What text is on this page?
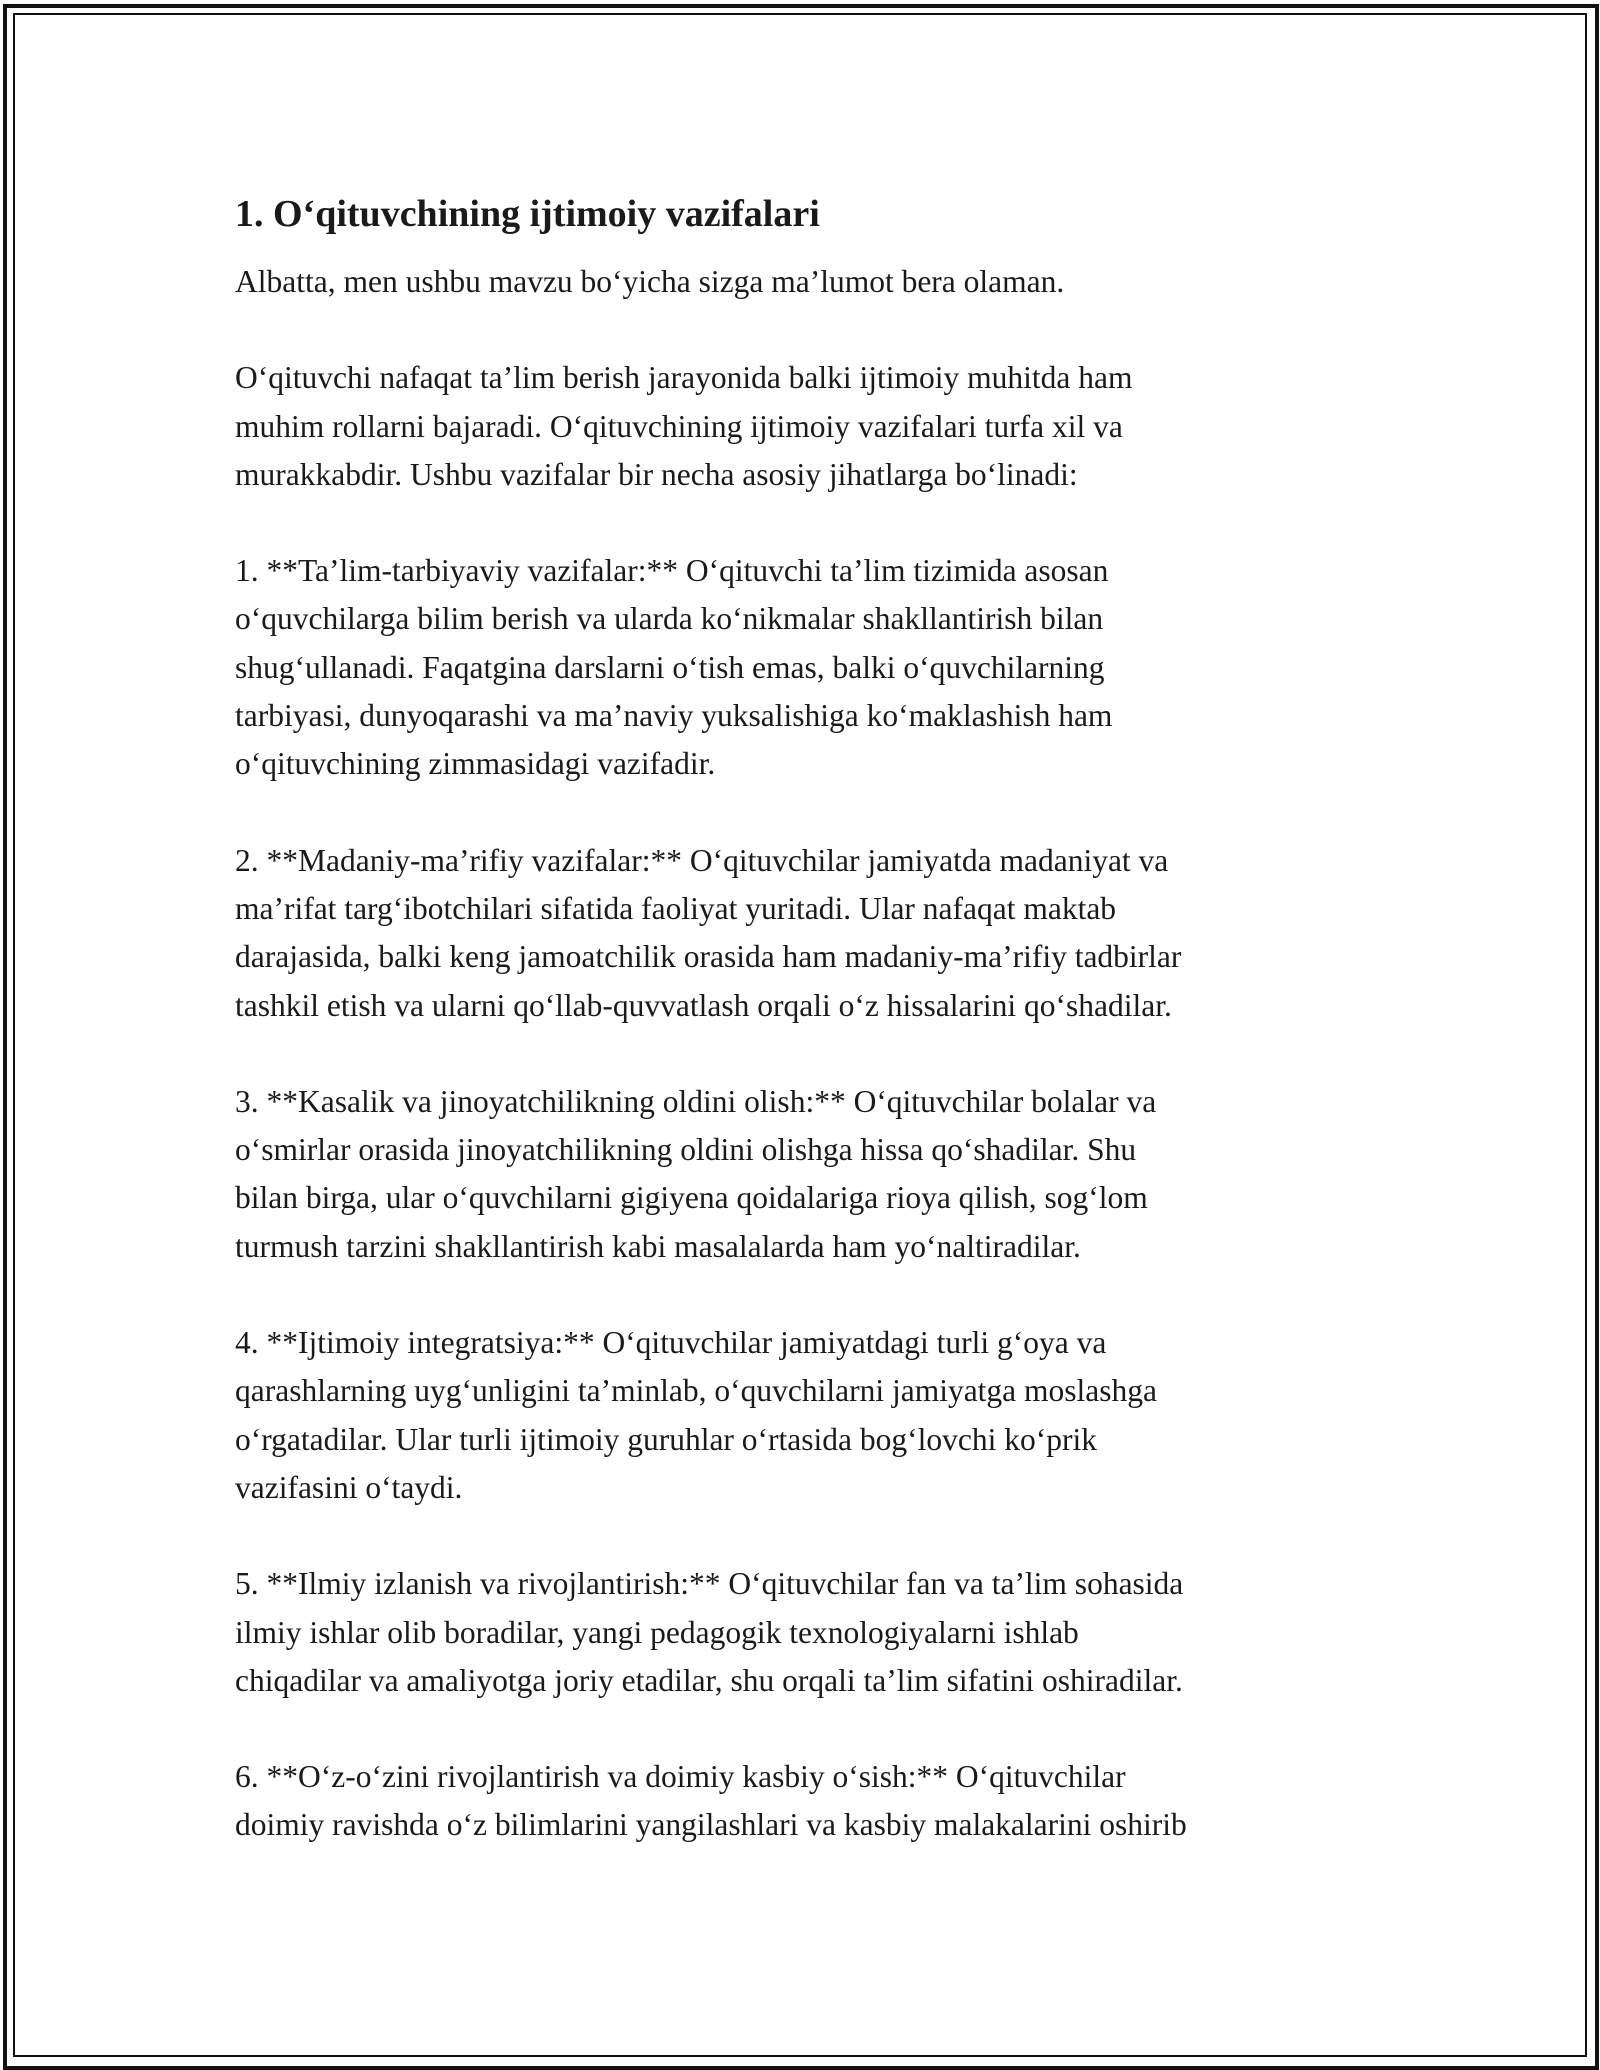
1. O‘qituvchining ijtimoiy vazifalari

Albatta, men ushbu mavzu bo‘yicha sizga ma’lumot bera olaman.

O‘qituvchi nafaqat ta’lim berish jarayonida balki ijtimoiy muhitda ham
muhim rollarni bajaradi. O‘qituvchining ijtimoiy vazifalari turfa xil va
murakkabdir. Ushbu vazifalar bir necha asosiy jihatlarga bo‘linadi:

1. **Ta’lim-tarbiyaviy vazifalar:** O‘qituvchi ta’lim tizimida asosan
o‘quvchilarga bilim berish va ularda ko‘nikmalar shakllantirish bilan
shug‘ullanadi. Faqatgina darslarni o‘tish emas, balki o‘quvchilarning
tarbiyasi, dunyoqarashi va ma’naviy yuksalishiga ko‘maklashish ham
o‘qituvchining zimmasidagi vazifadir.

2. **Madaniy-ma’rifiy vazifalar:** O‘qituvchilar jamiyatda madaniyat va
ma’rifat targ‘ibotchilari sifatida faoliyat yuritadi. Ular nafaqat maktab
darajasida, balki keng jamoatchilik orasida ham madaniy-ma’rifiy tadbirlar
tashkil etish va ularni qo‘llab-quvvatlash orqali o‘z hissalarini qo‘shadilar.

3. **Kasalik va jinoyatchilikning oldini olish:** O‘qituvchilar bolalar va
o‘smirlar orasida jinoyatchilikning oldini olishga hissa qo‘shadilar. Shu
bilan birga, ular o‘quvchilarni gigiyena qoidalariga rioya qilish, sog‘lom
turmush tarzini shakllantirish kabi masalalarda ham yo‘naltiradilar.

4. **Ijtimoiy integratsiya:** O‘qituvchilar jamiyatdagi turli g‘oya va
qarashlarning uyg‘unligini ta’minlab, o‘quvchilarni jamiyatga moslashga
o‘rgatadilar. Ular turli ijtimoiy guruhlar o‘rtasida bog‘lovchi ko‘prik
vazifasini o‘taydi.

5. **Ilmiy izlanish va rivojlantirish:** O‘qituvchilar fan va ta’lim sohasida
ilmiy ishlar olib boradilar, yangi pedagogik texnologiyalarni ishlab
chiqadilar va amaliyotga joriy etadilar, shu orqali ta’lim sifatini oshiradilar.

6. **O‘z-o‘zini rivojlantirish va doimiy kasbiy o‘sish:** O‘qituvchilar
doimiy ravishda o‘z bilimlarini yangilashlari va kasbiy malakalarini oshirib
